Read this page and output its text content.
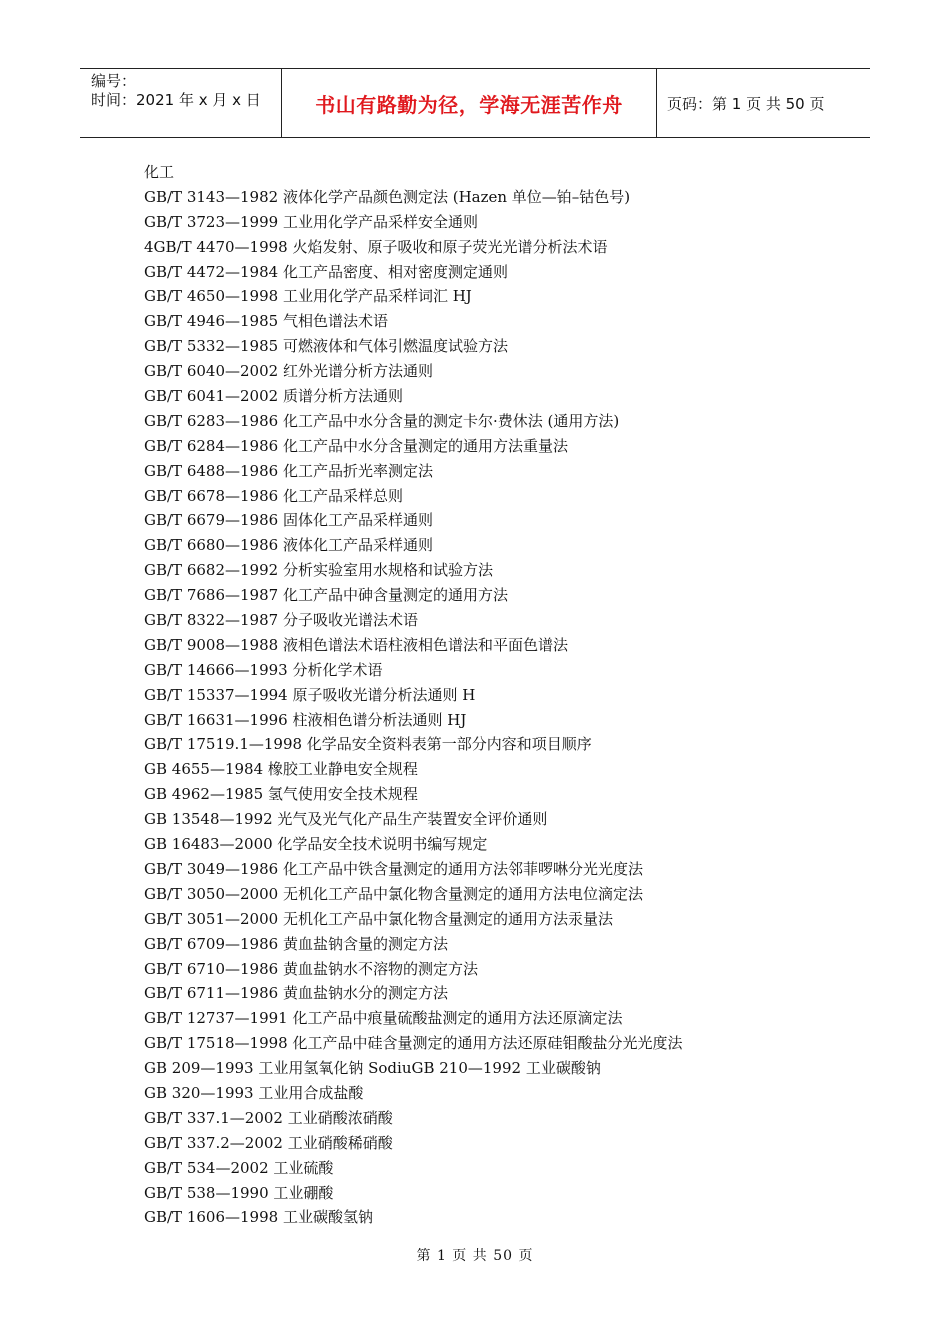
编号：
时间：2021 年 x 月 x 日	书山有路勤为径，学海无涯苦作舟	页码：第 1 页 共 50 页
化工
GB/T 3143—1982 液体化学产品颜色测定法 (Hazen 单位—铂–钴色号)
GB/T 3723—1999 工业用化学产品采样安全通则
4GB/T 4470—1998 火焰发射、原子吸收和原子荧光光谱分析法术语
GB/T 4472—1984 化工产品密度、相对密度测定通则
GB/T 4650—1998 工业用化学产品采样词汇 HJ
GB/T 4946—1985 气相色谱法术语
GB/T 5332—1985 可燃液体和气体引燃温度试验方法
GB/T 6040—2002 红外光谱分析方法通则
GB/T 6041—2002 质谱分析方法通则
GB/T 6283—1986 化工产品中水分含量的测定卡尔·费休法 (通用方法)
GB/T 6284—1986 化工产品中水分含量测定的通用方法重量法
GB/T 6488—1986 化工产品折光率测定法
GB/T 6678—1986 化工产品采样总则
GB/T 6679—1986 固体化工产品采样通则
GB/T 6680—1986 液体化工产品采样通则
GB/T 6682—1992 分析实验室用水规格和试验方法
GB/T 7686—1987 化工产品中砷含量测定的通用方法
GB/T 8322—1987 分子吸收光谱法术语
GB/T 9008—1988 液相色谱法术语柱液相色谱法和平面色谱法
GB/T 14666—1993 分析化学术语
GB/T 15337—1994 原子吸收光谱分析法通则 H
GB/T 16631—1996 柱液相色谱分析法通则 HJ
GB/T 17519.1—1998 化学品安全资料表第一部分内容和项目顺序
GB 4655—1984 橡胶工业静电安全规程
GB 4962—1985 氢气使用安全技术规程
GB 13548—1992 光气及光气化产品生产装置安全评价通则
GB 16483—2000 化学品安全技术说明书编写规定
GB/T 3049—1986 化工产品中铁含量测定的通用方法邻菲啰啉分光光度法
GB/T 3050—2000 无机化工产品中氯化物含量测定的通用方法电位滴定法
GB/T 3051—2000 无机化工产品中氯化物含量测定的通用方法汞量法
GB/T 6709—1986 黄血盐钠含量的测定方法
GB/T 6710—1986 黄血盐钠水不溶物的测定方法
GB/T 6711—1986 黄血盐钠水分的测定方法
GB/T 12737—1991 化工产品中痕量硫酸盐测定的通用方法还原滴定法
GB/T 17518—1998 化工产品中硅含量测定的通用方法还原硅钼酸盐分光光度法
GB 209—1993 工业用氢氧化钠 SodiuGB 210—1992 工业碳酸钠
GB 320—1993 工业用合成盐酸
GB/T 337.1—2002 工业硝酸浓硝酸
GB/T 337.2—2002 工业硝酸稀硝酸
GB/T 534—2002 工业硫酸
GB/T 538—1990 工业硼酸
GB/T 1606—1998 工业碳酸氢钠
第 1 页 共 50 页
